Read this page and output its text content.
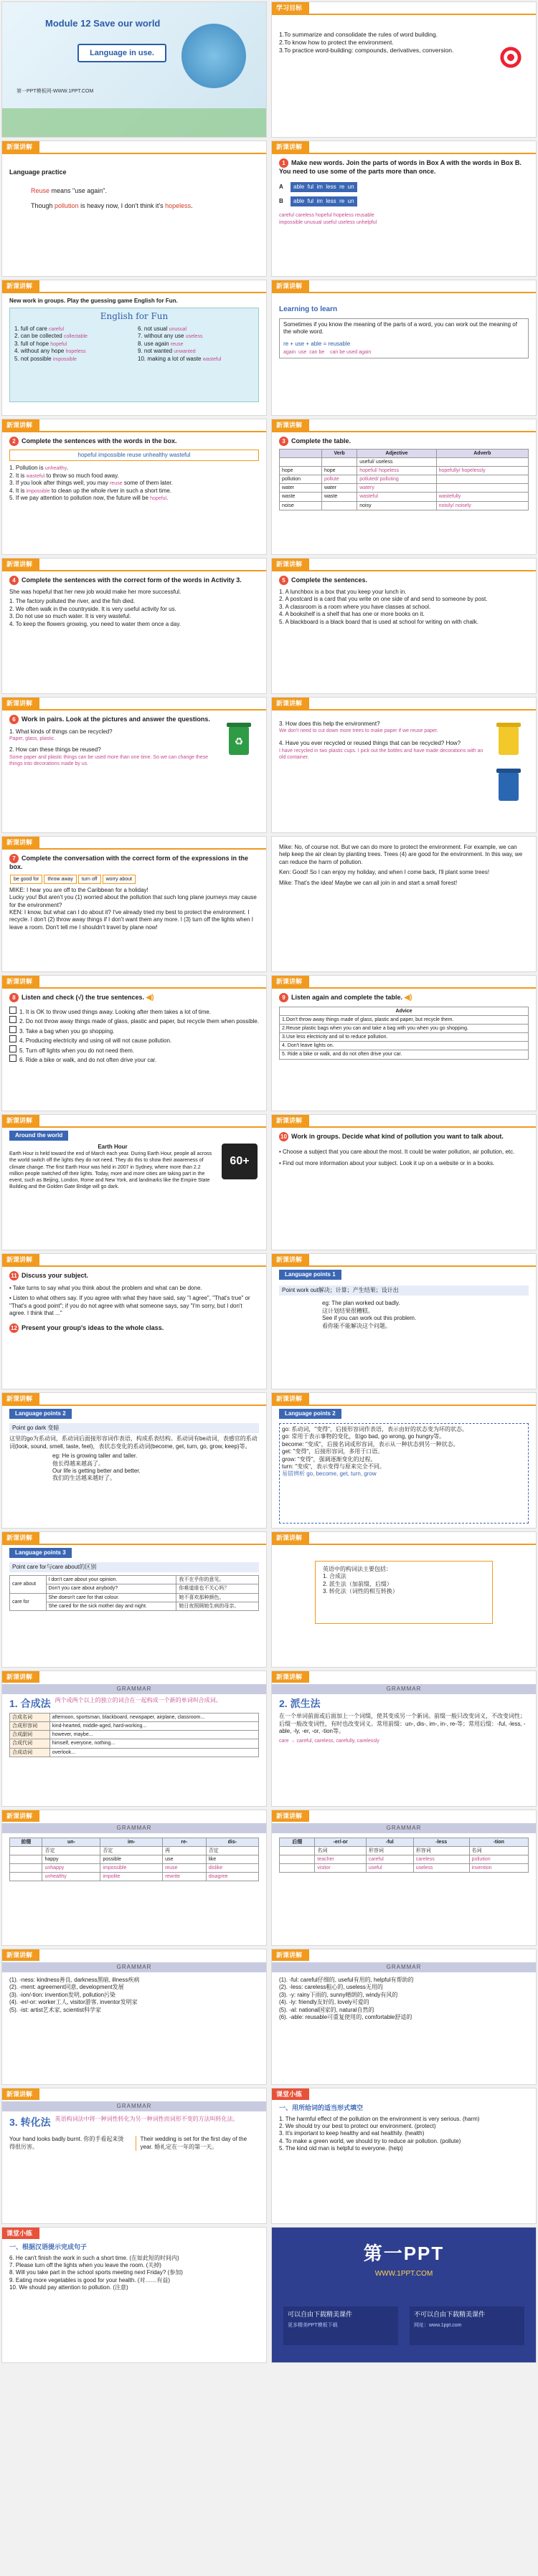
Module 12 Save our world
Language in use.
第一PPT模板网-WWW.1PPT.COM
学习目标
1.To summarize and consolidate the rules of word building.
2.To know how to protect the environment.
3.To practice word-building: compounds, derivatives, conversion.
新课讲解
Language practice
Reuse means "use again".
Though pollution is heavy now, I don't think it's hopeless.
新课讲解
1 Make new words. Join the parts of words in Box A with the words in Box B. You need to use some of the parts more than once.
A able ful im less re un
B able ful im less re un
careful careless hopeful hopeless reusable
impossible unusual useful useless unhelpful
新课讲解
New work in groups. Play the guessing game English for Fun.
English for Fun
1. full of care careful
2. can be collected collectable
3. full of hope hopeful
4. without any hope hopeless
5. not possible impossible
6. not usual unusual
7. without any use useless
8. use again reuse
9. not wanted unwanted
10. making a lot of waste wasteful
新课讲解
Learning to learn
Sometimes if you know the meaning of the parts of a word, you can work out the meaning of the whole word.
re + use + able = reusable
again use can be can be used again
新课讲解
2 Complete the sentences with the words in the box.
hopeful impossible reuse unhealthy wasteful
1. Pollution is unhealthy.
2. It is wasteful to throw so much food away.
3. If you look after things well, you may reuse some of them later.
4. It is impossible to clean up the whole river in such a short time.
5. If we pay attention to pollution now, the future will be hopeful.
新课讲解
3 Complete the table.
	Verb	Adjective	Adverb
		useful/ useless	
hope	hope	hopeful/ hopeless	hopefully/ hopelessly
pollution	pollute	polluted/ polluting	
water	water	watery	
waste	waste	wasteful	wastefully
noise		noisy	noisily/ noisely
新课讲解
4 Complete the sentences with the correct form of the words in Activity 3.
She was hopeful that her new job would make her more successful.
1. The factory polluted the river, and the fish died.
2. We often walk in the countryside. It is very useful activity for us.
3. Do not use so much water. It is very wasteful.
4. To keep the flowers growing, you need to water them once a day.
新课讲解
5 Complete the sentences.
1. A lunchbox is a box that you keep your lunch in.
2. A postcard is a card that you write on one side of and send to someone by post.
3. A classroom is a room where you have classes at school.
4. A bookshelf is a shelf that has one or more books on it.
5. A blackboard is a black board that is used at school for writing on with chalk.
新课讲解
6 Work in pairs. Look at the pictures and answer the questions.
1. What kinds of things can be recycled?
Paper, glass, plastic.
2. How can these things be reused?
Some paper and plastic things can be used more than one time. So we can change these things into decorations made by us.
♻
新课讲解
3. How does this help the environment?
We don't need to cut down more trees to make paper if we reuse paper.
4. Have you ever recycled or reused things that can be recycled? How?
I have recycled in two plastic cups. I pick out the bottles and have made decorations with an old container.
新课讲解
7 Complete the conversation with the correct form of the expressions in the box.
be good for throw away turn off worry about
MIKE: I hear you are off to the Caribbean for a holiday!
Lucky you! But aren't you (1) worried about the pollution that such long plane journeys may cause for the environment?
KEN: I know, but what can I do about it? I've already tried my best to protect the environment. I recycle. I don't (2) throw away things if I don't want them any more. I (3) turn off the lights when I leave a room. Don't tell me I shouldn't travel by plane now!
Mike: No, of course not. But we can do more to protect the environment. For example, we can help keep the air clean by planting trees. Trees (4) are good for the environment. In this way, we can reduce the harm of pollution.
Ken: Good! So I can enjoy my holiday, and when I come back, I'll plant some trees!
Mike: That's the idea! Maybe we can all join in and start a small forest!
新课讲解
8 Listen and check (√) the true sentences. ◀)
1. It is OK to throw used things away. Looking after them takes a lot of time.
2. Do not throw away things made of glass, plastic and paper, but recycle them when possible.
3. Take a bag when you go shopping.
4. Producing electricity and using oil will not cause pollution.
5. Turn off lights when you do not need them.
6. Ride a bike or walk, and do not often drive your car.
新课讲解
9 Listen again and complete the table. ◀)
Advice
1.Don't throw away things made of glass, plastic and paper, but recycle them.
2.Reuse plastic bags when you can and take a bag with you when you go shopping.
3.Use less electricity and oil to reduce pollution.
4. Don't leave lights on.
5. Ride a bike or walk, and do not often drive your car.
新课讲解
Around the world
Earth Hour
Earth Hour is held toward the end of March each year. During Earth Hour, people all across the world switch off the lights they do not need. They do this to show their awareness of climate change. The first Earth Hour was held in 2007 in Sydney, where more than 2.2 million people switched off their lights. Today, more and more cities are taking part in the event, such as Beijing, London, Rome and New York, and landmarks like the Empire State Building and the Golden Gate Bridge will go dark.
60+
新课讲解
10 Work in groups. Decide what kind of pollution you want to talk about.
• Choose a subject that you care about the most. It could be water pollution, air pollution, etc.
• Find out more information about your subject. Look it up on a website or in a books.
新课讲解
11 Discuss your subject.
• Take turns to say what you think about the problem and what can be done.
• Listen to what others say. If you agree with what they have said, say "I agree", "That's true" or "That's a good point"; if you do not agree with what someone says, say "I'm sorry, but I don't agree. I think that ..."
12 Present your group's ideas to the whole class.
新课讲解
Language points 1
Point work out解决；计算；产生结果；设计出
eg: The plan worked out badly.
这计划结果很糟糕。
See if you can work out this problem.
看你能不能解决这个问题。
新课讲解
Language points 2
Point go dark 变暗
这里的go为系动词，系动词后面接形容词作表语，构成系表结构。系动词有be动词，表感官的系动词(look, sound, smell, taste, feel)，表状态变化的系动词(become, get, turn, go, grow, keep)等。
eg: He is growing taller and taller.
他长得越来越高了。
Our life is getting better and better.
我们的生活越来越好了。
新课讲解
Language points 2
go: 系动词，"变得"，后接形容词作表语，表示由好的状态变为坏的状态。
go: 常用于表示事物的变化，如go bad, go wrong, go hungry等。
become: "变成"，后接名词或形容词，表示从一种状态到另一种状态。
get: "变得"，后接形容词，多用于口语。
grow: "变得"，强调逐渐变化的过程。
turn: "变成"，表示变得与原来完全不同。
易错辨析 go, become, get, turn, grow
新课讲解
Language points 3
Point care for与care about的区别
care about	I don't care about your opinion.	我不在乎你的意见。
	Don't you care about anybody?	你难道谁也不关心吗？
care for	She doesn't care for that colour.	她不喜欢那种颜色。
	She cared for the sick mother day and night.	她日夜照顾她生病的母亲。
新课讲解
英语中的构词法主要包括：
1. 合成法
2. 派生法（加前缀、后缀）
3. 转化法（词性的相互转换）
新课讲解
GRAMMAR
1. 合成法 两个或两个以上的独立的词合在一起构成一个新的单词叫合成词。
合成名词	afternoon, sportsman, blackboard, newspaper, airplane, classroom...
合成形容词	kind-hearted, middle-aged, hard-working...
合成副词	however, maybe...
合成代词	himself, everyone, nothing...
合成动词	overlook...
新课讲解
GRAMMAR
2. 派生法
在一个单词前面或后面加上一个词缀，使其变成另一个新词。前缀一般只改变词义，不改变词性；后缀一般改变词性，有时也改变词义。常用前缀：un-, dis-, im-, in-, re-等；常用后缀：-ful, -less, -able, -ly, -er, -or, -tion等。
care → careful, careless, carefully, carelessly
新课讲解
GRAMMAR
前缀	un-	im-	re-	dis-
	否定	否定	再	否定
	happy	possible	use	like
	unhappy	impossible	reuse	dislike
	unhealthy	impolite	rewrite	disagree
新课讲解
GRAMMAR
后缀	-er/-or	-ful	-less	-tion
	名词	形容词	形容词	名词
	teacher	careful	careless	pollution
	visitor	useful	useless	invention
新课讲解
GRAMMAR
(1). -ness: kindness善良, darkness黑暗, illness疾病
(2). -ment: agreement同意, development发展
(3). -ion/-tion: invention发明, pollution污染
(4). -er/-or: worker工人, visitor游客, inventor发明家
(5). -ist: artist艺术家, scientist科学家
新课讲解
GRAMMAR
(1). -ful: careful仔细的, useful有用的, helpful有帮助的
(2). -less: careless粗心的, useless无用的
(3). -y: rainy下雨的, sunny晴朗的, windy有风的
(4). -ly: friendly友好的, lovely可爱的
(5). -al: national国家的, natural自然的
(6). -able: reusable可重复使用的, comfortable舒适的
新课讲解
GRAMMAR
3. 转化法 英语构词法中将一种词性转化为另一种词性而词形不变的方法叫转化法。
Your hand looks badly burnt. 你的手看起来烫得很厉害。
Their wedding is set for the first day of the year. 婚礼定在一年的第一天。
课堂小练
一、用所给词的适当形式填空
1. The harmful effect of the pollution on the environment is very serious. (harm)
2. We should try our best to protect our environment. (protect)
3. It's important to keep healthy and eat healthily. (health)
4. To make a green world, we should try to reduce air pollution. (pollute)
5. The kind old man is helpful to everyone. (help)
课堂小练
一、根据汉语提示完成句子
6. He can't finish the work in such a short time. (在如此短的时间内)
7. Please turn off the lights when you leave the room. (关掉)
8. Will you take part in the school sports meeting next Friday? (参加)
9. Eating more vegetables is good for your health. (对……有益)
10. We should pay attention to pollution. (注意)
第一PPT
WWW.1PPT.COM
可以自由下载精美课件
更多精美PPT模板下载
不可以自由下载精美课件
网址：www.1ppt.com
